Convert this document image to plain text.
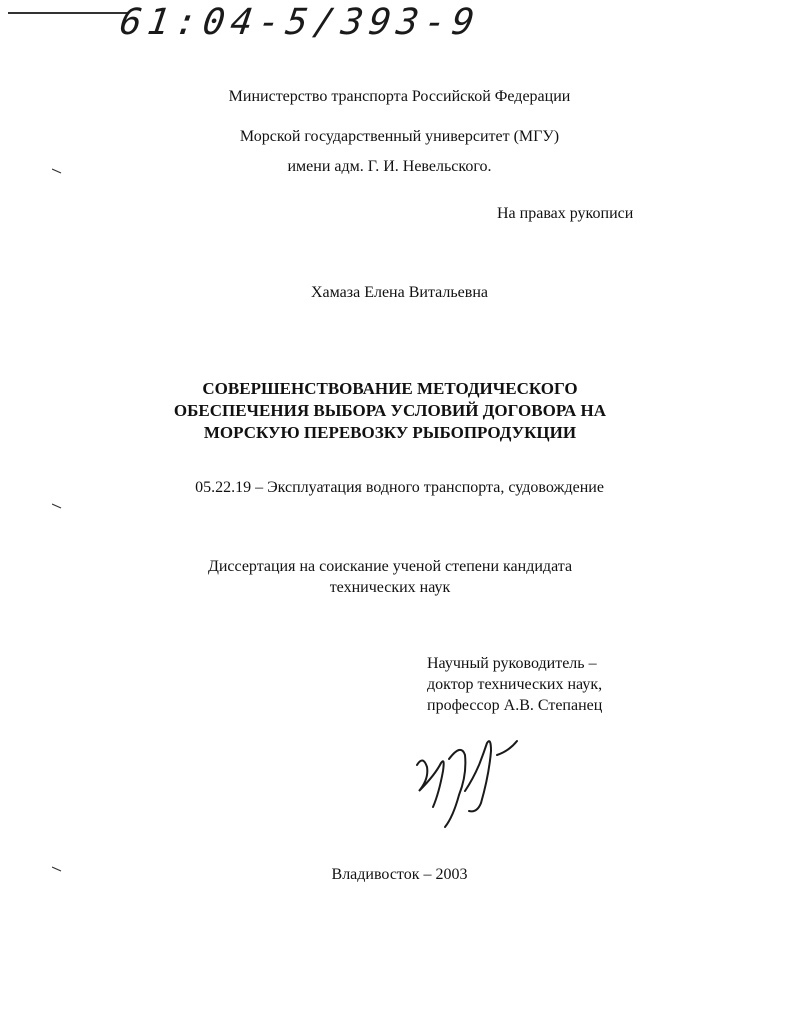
61:04-5/393-9
Министерство транспорта Российской Федерации
Морской государственный университет (МГУ)
имени адм. Г. И. Невельского.
На правах рукописи
Хамаза Елена Витальевна
СОВЕРШЕНСТВОВАНИЕ МЕТОДИЧЕСКОГО
ОБЕСПЕЧЕНИЯ ВЫБОРА УСЛОВИЙ ДОГОВОРА НА
МОРСКУЮ ПЕРЕВОЗКУ РЫБОПРОДУКЦИИ
05.22.19 – Эксплуатация водного транспорта, судовождение
Диссертация на соискание ученой степени кандидата
технических наук
Научный руководитель –
доктор технических наук,
профессор А.В. Степанец
Владивосток – 2003
